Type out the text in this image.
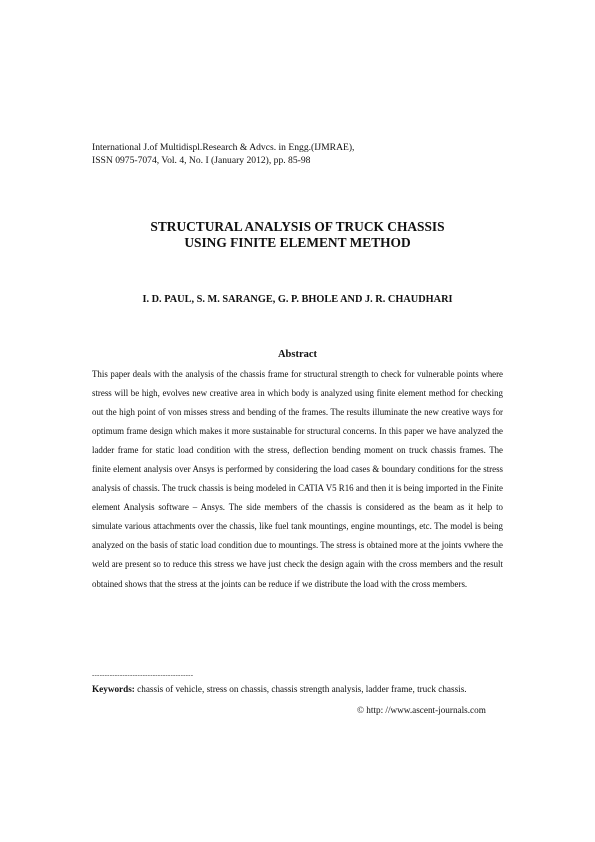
International J.of Multidispl.Research & Advcs. in Engg.(IJMRAE),
ISSN 0975-7074, Vol. 4, No. I (January 2012), pp. 85-98
STRUCTURAL ANALYSIS OF TRUCK CHASSIS
USING FINITE ELEMENT METHOD
I. D. PAUL, S. M. SARANGE, G. P. BHOLE AND J. R. CHAUDHARI
Abstract

This paper deals with the analysis of the chassis frame for structural strength to check for vulnerable points where stress will be high, evolves new creative area in which body is analyzed using finite element method for checking out the high point of von misses stress and bending of the frames. The results illuminate the new creative ways for optimum frame design which makes it more sustainable for structural concerns. In this paper we have analyzed the ladder frame for static load condition with the stress, deflection bending moment on truck chassis frames. The finite element analysis over Ansys is performed by considering the load cases & boundary conditions for the stress analysis of chassis. The truck chassis is being modeled in CATIA V5 R16 and then it is being imported in the Finite element Analysis software – Ansys. The side members of the chassis is considered as the beam as it help to simulate various attachments over the chassis, like fuel tank mountings, engine mountings, etc. The model is being analyzed on the basis of static load condition due to mountings. The stress is obtained more at the joints vwhere the weld are present so to reduce this stress we have just check the design again with the cross members and the result obtained shows that the stress at the joints can be reduce if we distribute the load with the cross members.

----------------------------------------
Keywords: chassis of vehicle, stress on chassis, chassis strength analysis, ladder frame, truck chassis.
© http: //www.ascent-journals.com
